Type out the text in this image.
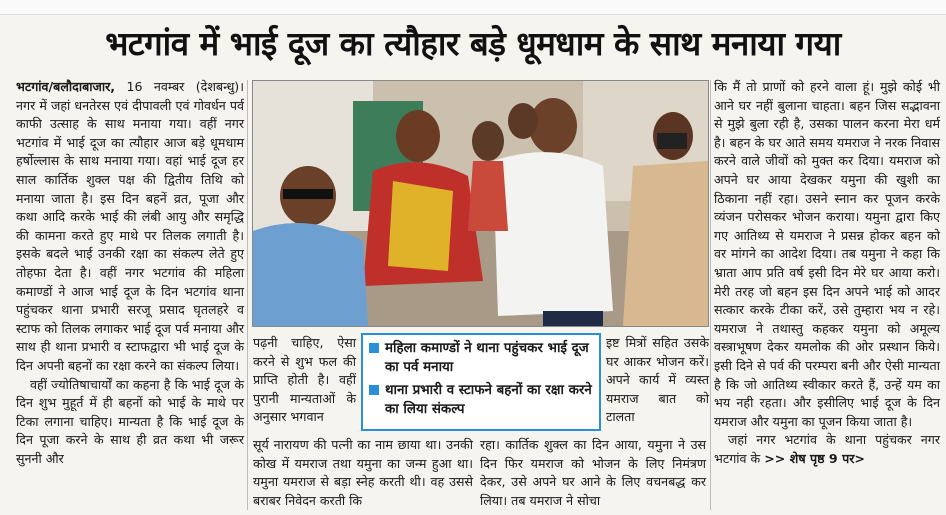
भटगांव में भाई दूज का त्यौहार बड़े धूमधाम के साथ मनाया गया

भटगांव/बलौदाबाजार, 16 नवम्बर (देशबन्धु)। नगर में जहां धनतेरस एवं दीपावली एवं गोवर्धन पर्व काफी उत्साह के साथ मनाया गया। वहीं नगर भटगांव में भाई दूज का त्यौहार आज बड़े धूमधाम हर्षोल्लास के साथ मनाया गया। वहां भाई दूज हर साल कार्तिक शुक्ल पक्ष की द्वितीय तिथि को मनाया जाता है। इस दिन बहनें व्रत, पूजा और कथा आदि करके भाई की लंबी आयु और समृद्धि की कामना करते हुए माथे पर तिलक लगाती है। इसके बदले भाई उनकी रक्षा का संकल्प लेते हुए तोहफा देता है। वहीं नगर भटगांव की महिला कमाण्डों ने आज भाई दूज के दिन भटगांव थाना पहुंचकर थाना प्रभारी सरजू प्रसाद घृतलहरे व स्टाफ को तिलक लगाकर भाई दूज पर्व मनाया और साथ ही थाना प्रभारी व स्टाफद्वारा भी भाई दूज के दिन अपनी बहनों का रक्षा करने का संकल्प लिया।

वहीं ज्योतिषाचार्यों का कहना है कि भाई दूज के दिन शुभ मुहूर्त में ही बहनों को भाई के माथे पर टिका लगाना चाहिए। मान्यता है कि भाई दूज के दिन पूजा करने के साथ ही व्रत कथा भी जरूर सुननी और

पढ़नी चाहिए, ऐसा करने से शुभ फल की प्राप्ति होती है। वहीं पुरानी मान्यताओं के अनुसार भगवान

सूर्य नारायण की पत्नी का नाम छाया था। उनकी कोख में यमराज तथा यमुना का जन्म हुआ था। यमुना यमराज से बड़ा स्नेह करती थी। वह उससे बराबर निवेदन करती कि

महिला कमाण्डों ने थाना पहुंचकर भाई दूज का पर्व मनाया
थाना प्रभारी व स्टाफने बहनों का रक्षा करने का लिया संकल्प

इष्ट मित्रों सहित उसके घर आकर भोजन करें। अपने कार्य में व्यस्त यमराज बात को टालता

रहा। कार्तिक शुक्ल का दिन आया, यमुना ने उस दिन फिर यमराज को भोजन के लिए निमंत्रण देकर, उसे अपने घर आने के लिए वचनबद्ध कर लिया। तब यमराज ने सोचा

कि मैं तो प्राणों को हरने वाला हूं। मुझे कोई भी आने घर नहीं बुलाना चाहता। बहन जिस सद्भावना से मुझे बुला रही है, उसका पालन करना मेरा धर्म है। बहन के घर आते समय यमराज ने नरक निवास करने वाले जीवों को मुक्त कर दिया। यमराज को अपने घर आया देखकर यमुना की खुशी का ठिकाना नहीं रहा। उसने स्नान कर पूजन करके व्यंजन परोसकर भोजन कराया। यमुना द्वारा किए गए आतिथ्य से यमराज ने प्रसन्न होकर बहन को वर मांगने का आदेश दिया। तब यमुना ने कहा कि भ्राता आप प्रति वर्ष इसी दिन मेरे घर आया करो। मेरी तरह जो बहन इस दिन अपने भाई को आदर सत्कार करके टीका करें, उसे तुम्हारा भय न रहे। यमराज ने तथास्तु कहकर यमुना को अमूल्य वस्त्राभूषण देकर यमलोक की ओर प्रस्थान किये। इसी दिने से पर्व की परम्परा बनी और ऐसी मान्यता है कि जो आतिथ्य स्वीकार करते हैं, उन्हें यम का भय नही रहता। और इसीलिए भाई दूज के दिन यमराज और यमुना का पूजन किया जाता है।

जहां नगर भटगांव के थाना पहुंचकर नगर भटगांव के >> शेष पृष्ठ 9 पर>
